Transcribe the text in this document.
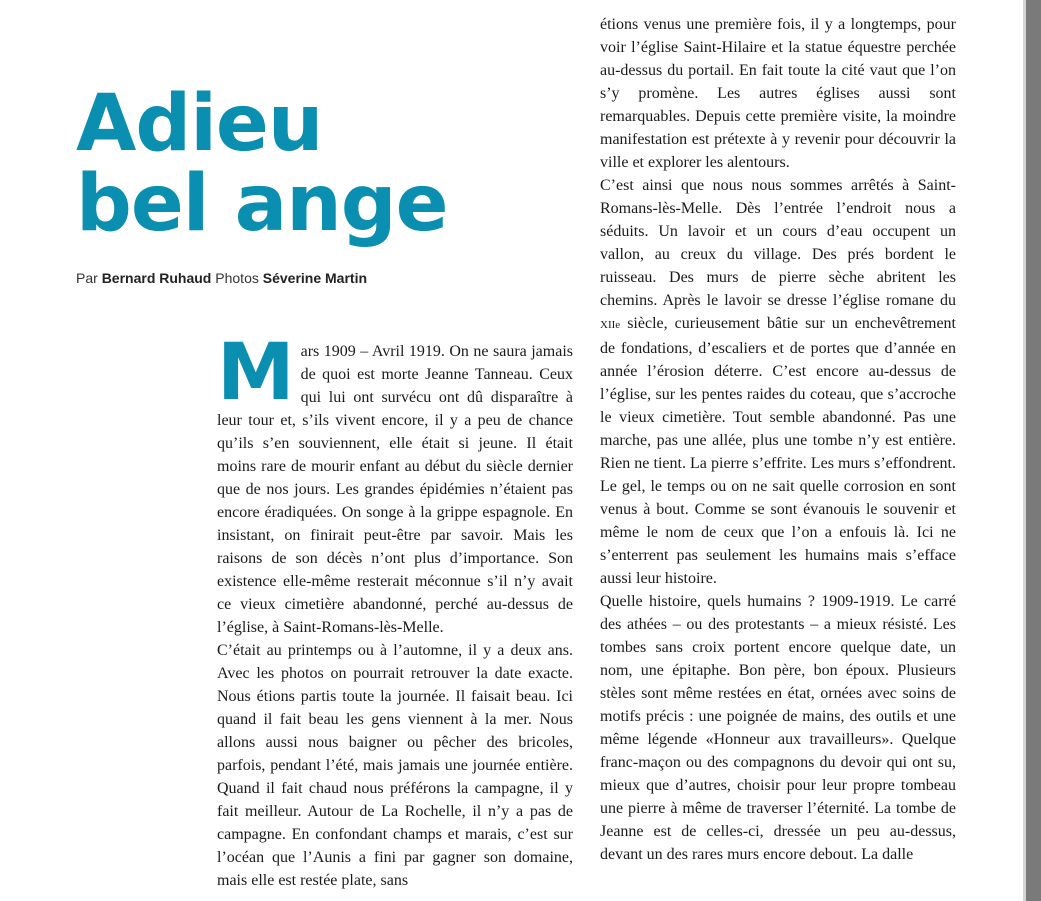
Adieu
bel ange
Par Bernard Ruhaud Photos Séverine Martin

Mars 1909 – Avril 1919. On ne saura jamais de quoi est morte Jeanne Tanneau. Ceux qui lui ont survécu ont dû disparaître à leur tour et, s’ils vivent encore, il y a peu de chance qu’ils s’en souviennent, elle était si jeune. Il était moins rare de mourir enfant au début du siècle dernier que de nos jours. Les grandes épidémies n’étaient pas encore éradiquées. On songe à la grippe espagnole. En insistant, on finirait peut-être par savoir. Mais les raisons de son décès n’ont plus d’importance. Son existence elle-même resterait méconnue s’il n’y avait ce vieux cimetière abandonné, perché au-dessus de l’église, à Saint-Romans-lès-Melle.

C’était au printemps ou à l’automne, il y a deux ans. Avec les photos on pourrait retrouver la date exacte. Nous étions partis toute la journée. Il faisait beau. Ici quand il fait beau les gens viennent à la mer. Nous allons aussi nous baigner ou pêcher des bricoles, parfois, pendant l’été, mais jamais une journée entière. Quand il fait chaud nous préférons la campagne, il y fait meilleur. Autour de La Rochelle, il n’y a pas de campagne. En confondant champs et marais, c’est sur l’océan que l’Aunis a fini par gagner son domaine, mais elle est restée plate, sans

étions venus une première fois, il y a longtemps, pour voir l’église Saint-Hilaire et la statue équestre perchée au-dessus du portail. En fait toute la cité vaut que l’on s’y promène. Les autres églises aussi sont remarquables. Depuis cette première visite, la moindre manifestation est prétexte à y revenir pour découvrir la ville et explorer les alentours.

C’est ainsi que nous nous sommes arrêtés à Saint-Romans-lès-Melle. Dès l’entrée l’endroit nous a séduits. Un lavoir et un cours d’eau occupent un vallon, au creux du village. Des prés bordent le ruisseau. Des murs de pierre sèche abritent les chemins. Après le lavoir se dresse l’église romane du XIIe siècle, curieusement bâtie sur un enchevêtrement de fondations, d’escaliers et de portes que d’année en année l’érosion déterre. C’est encore au-dessus de l’église, sur les pentes raides du coteau, que s’accroche le vieux cimetière. Tout semble abandonné. Pas une marche, pas une allée, plus une tombe n’y est entière. Rien ne tient. La pierre s’effrite. Les murs s’effondrent. Le gel, le temps ou on ne sait quelle corrosion en sont venus à bout. Comme se sont évanouis le souvenir et même le nom de ceux que l’on a enfouis là. Ici ne s’enterrent pas seulement les humains mais s’efface aussi leur histoire.

Quelle histoire, quels humains ? 1909-1919. Le carré des athées – ou des protestants – a mieux résisté. Les tombes sans croix portent encore quelque date, un nom, une épitaphe. Bon père, bon époux. Plusieurs stèles sont même restées en état, ornées avec soins de motifs précis : une poignée de mains, des outils et une même légende «Honneur aux travailleurs». Quelque franc-maçon ou des compagnons du devoir qui ont su, mieux que d’autres, choisir pour leur propre tombeau une pierre à même de traverser l’éternité. La tombe de Jeanne est de celles-ci, dressée un peu au-dessus, devant un des rares murs encore debout. La dalle
